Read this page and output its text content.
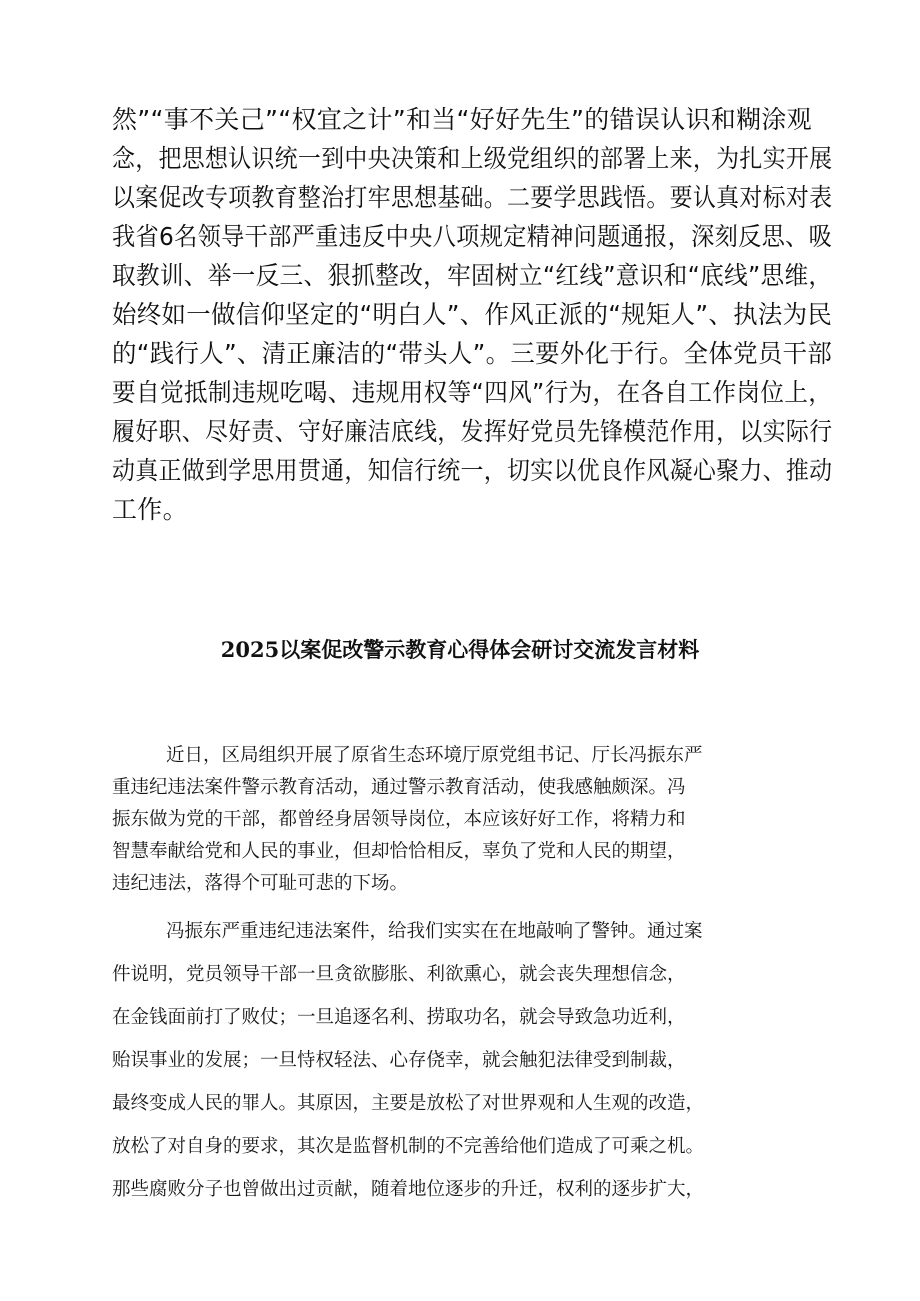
然”“事不关己”“权宜之计”和当“好好先生”的错误认识和糊涂观
念，把思想认识统一到中央决策和上级党组织的部署上来，为扎实开展
以案促改专项教育整治打牢思想基础。二要学思践悟。要认真对标对表
我省6名领导干部严重违反中央八项规定精神问题通报，深刻反思、吸
取教训、举一反三、狠抓整改，牢固树立“红线”意识和“底线”思维，
始终如一做信仰坚定的“明白人”、作风正派的“规矩人”、执法为民
的“践行人”、清正廉洁的“带头人”。三要外化于行。全体党员干部
要自觉抵制违规吃喝、违规用权等“四风”行为，在各自工作岗位上，
履好职、尽好责、守好廉洁底线，发挥好党员先锋模范作用，以实际行
动真正做到学思用贯通，知信行统一，切实以优良作风凝心聚力、推动
工作。
2025以案促改警示教育心得体会研讨交流发言材料
近日，区局组织开展了原省生态环境厅原党组书记、厅长冯振东严
重违纪违法案件警示教育活动，通过警示教育活动，使我感触颇深。冯
振东做为党的干部，都曾经身居领导岗位，本应该好好工作，将精力和
智慧奉献给党和人民的事业，但却恰恰相反，辜负了党和人民的期望，
违纪违法，落得个可耻可悲的下场。
冯振东严重违纪违法案件，给我们实实在在地敲响了警钟。通过案
件说明，党员领导干部一旦贪欲膨胀、利欲熏心，就会丧失理想信念，
在金钱面前打了败仗；一旦追逐名利、捞取功名，就会导致急功近利，
贻误事业的发展；一旦恃权轻法、心存侥幸，就会触犯法律受到制裁，
最终变成人民的罪人。其原因，主要是放松了对世界观和人生观的改造，
放松了对自身的要求，其次是监督机制的不完善给他们造成了可乘之机。
那些腐败分子也曾做出过贡献，随着地位逐步的升迁，权利的逐步扩大，
